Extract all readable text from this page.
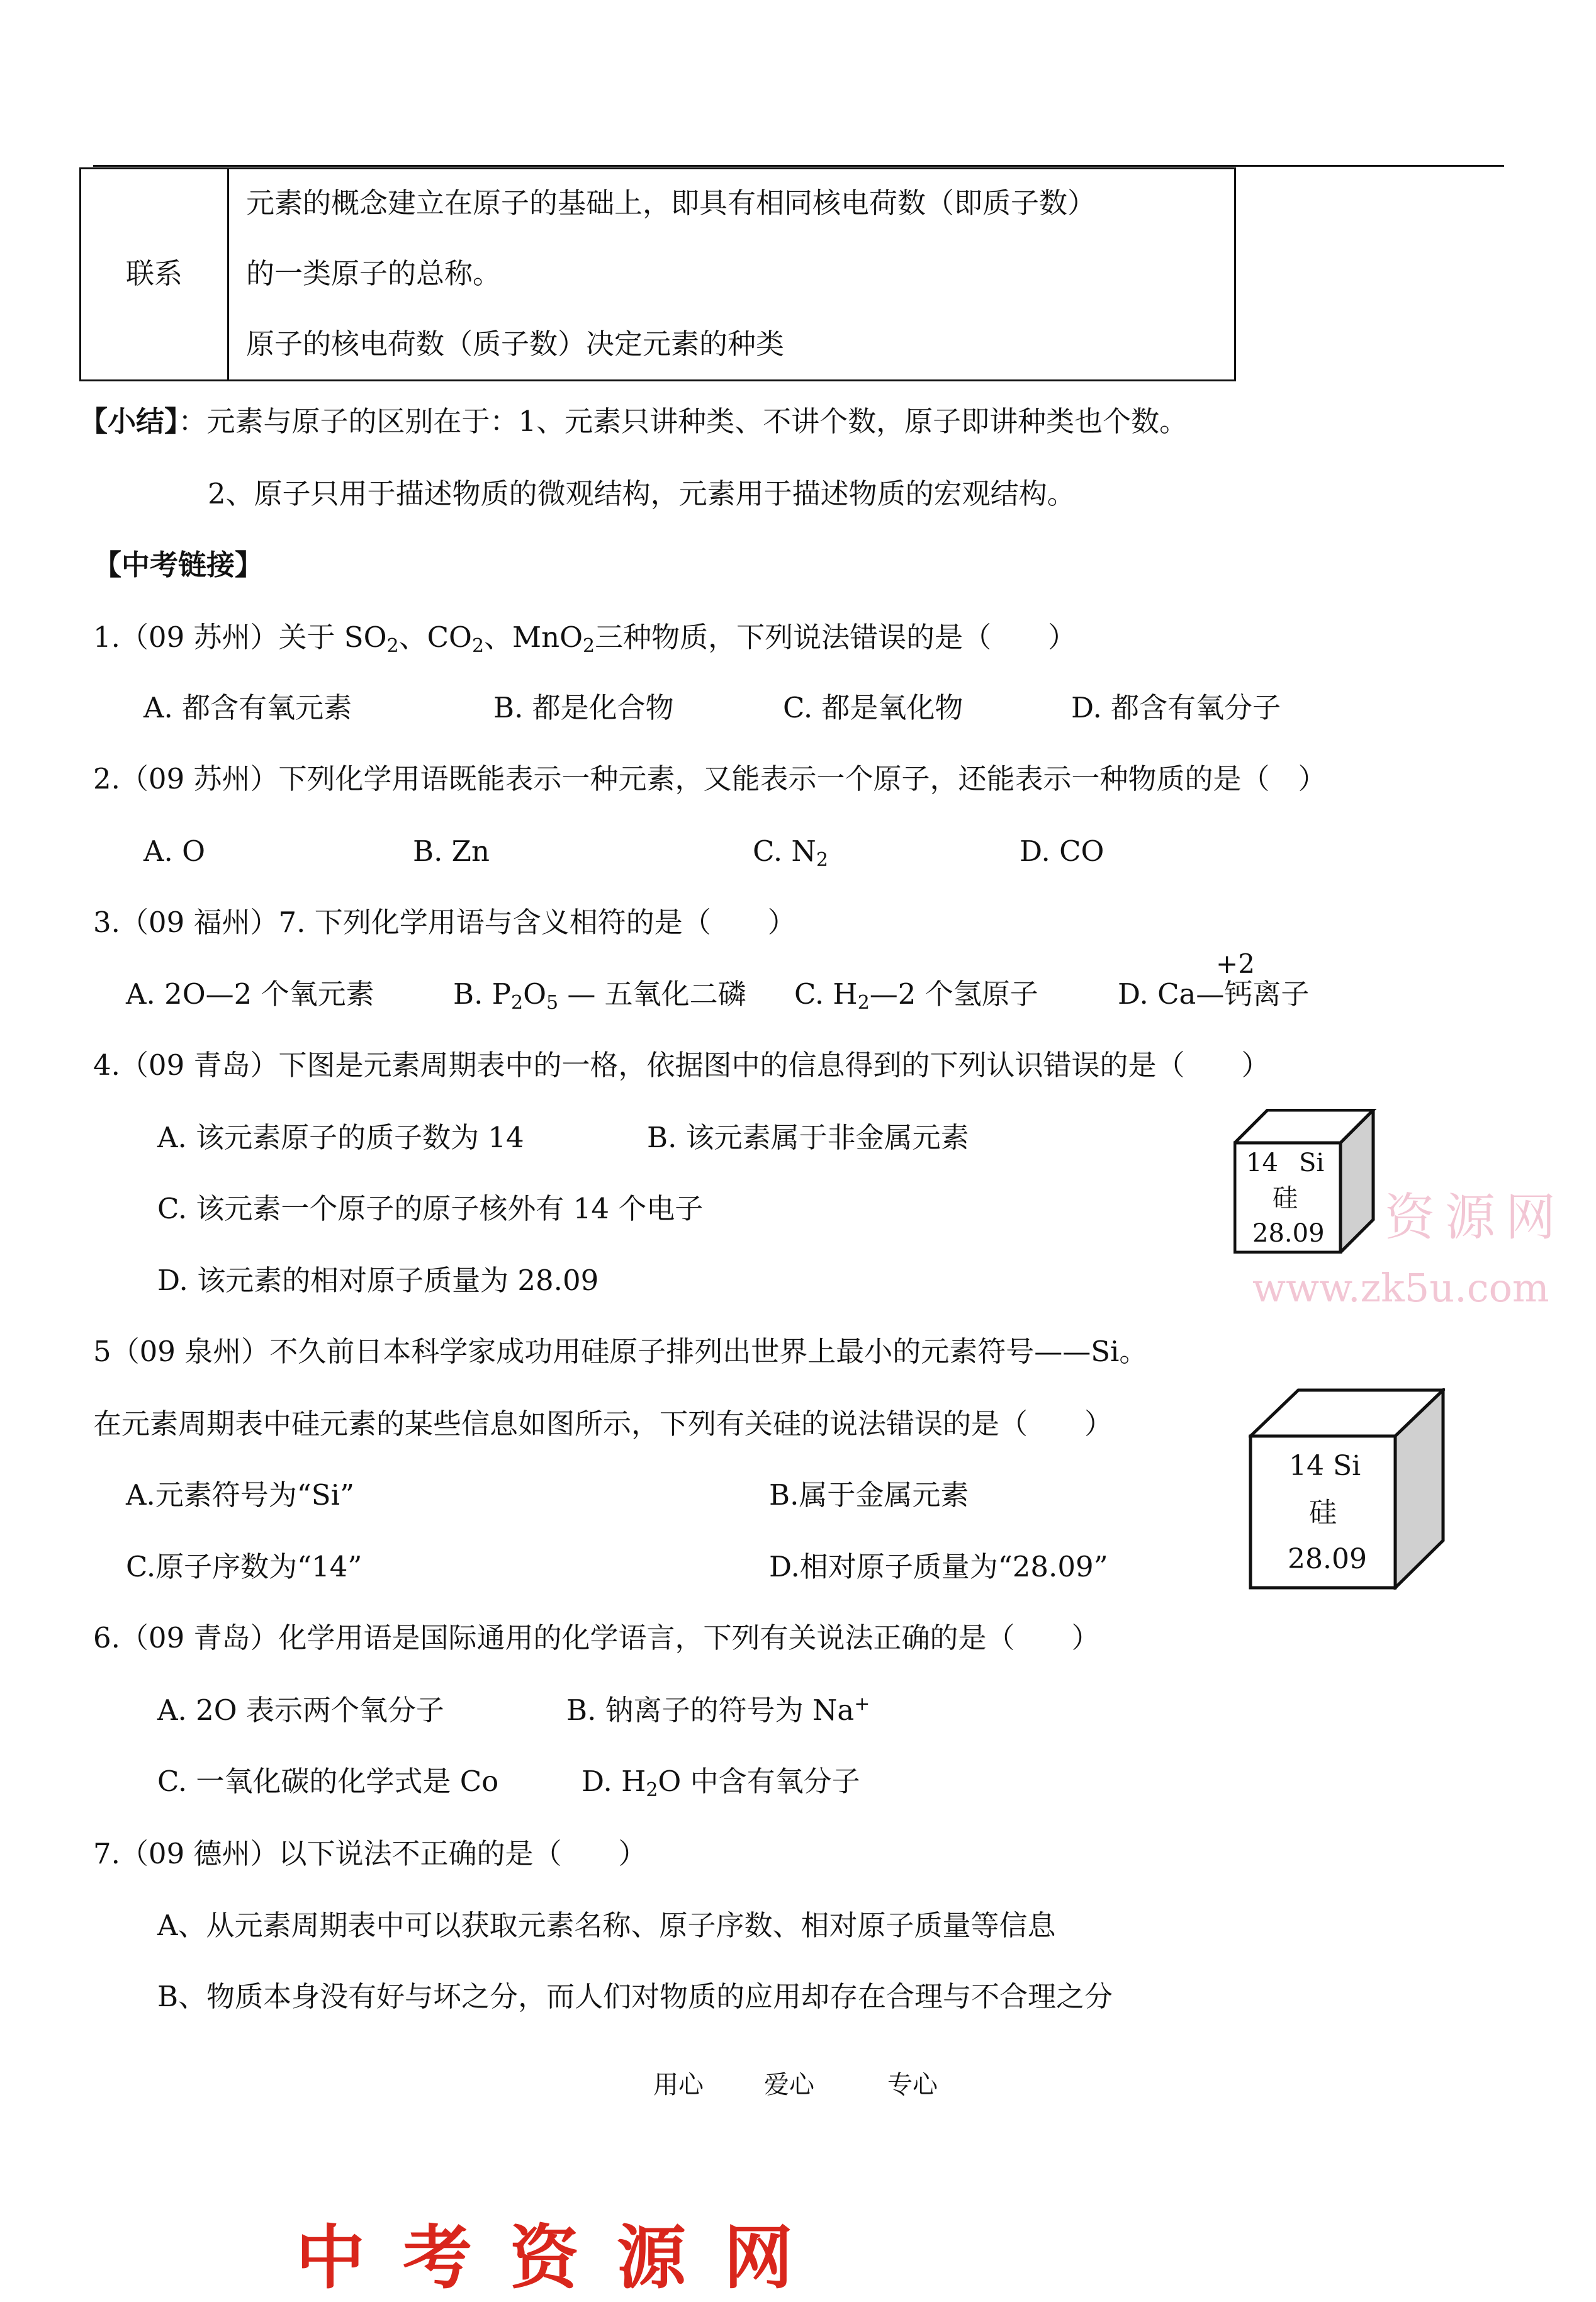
联系
元素的概念建立在原子的基础上，即具有相同核电荷数（即质子数）
的一类原子的总称。
原子的核电荷数（质子数）决定元素的种类
【小结】：元素与原子的区别在于：1、元素只讲种类、不讲个数，原子即讲种类也个数。
2、原子只用于描述物质的微观结构，元素用于描述物质的宏观结构。
【中考链接】
1.（09 苏州）关于 $SO_2$、$CO_2$、MnO$_2$三种物质，下列说法错误的是（　　）
A. 都含有氧元素	B. 都是化合物	C. 都是氧化物	D. 都含有氧分子
2.（09 苏州）下列化学用语既能表示一种元素，又能表示一个原子，还能表示一种物质的是（　）
A. O	B. Zn	C. $N_2$	D. CO
3.（09 福州）7. 下列化学用语与含义相符的是（　　）
A. 2O—2 个氧元素	B. $P_2O_5$ — 五氧化二磷 C. $H_2—2$ 个氢原子
+2
D. Ca—钙离子
4.（09 青岛）下图是元素周期表中的一格，依据图中的信息得到的下列认识错误的是（　　）
A. 该元素原子的质子数为 14	B. 该元素属于非金属元素
C. 该元素一个原子的原子核外有 14 个电子
D. 该元素的相对原子质量为 28.09
14 Si
硅
28.09 资源网
www.zk5u.com
5（09 泉州）不久前日本科学家成功用硅原子排列出世界上最小的元素符号——Si。
在元素周期表中硅元素的某些信息如图所示，下列有关硅的说法错误的是（　　）
A.元素符号为“Si”	B.属于金属元素
C.原子序数为“14”	D.相对原子质量为“28.09”
14 Si
硅
28.09
6.（09 青岛）化学用语是国际通用的化学语言，下列有关说法正确的是（　　）
A. 2O 表示两个氧分子	B. 钠离子的符号为 Na+
C. 一氧化碳的化学式是 Co	D. $H_2O$ 中含有氧分子
7.（09 德州）以下说法不正确的是（　　）
A、从元素周期表中可以获取元素名称、原子序数、相对原子质量等信息
B、物质本身没有好与坏之分，而人们对物质的应用却存在合理与不合理之分
用心 爱心	专心
中考资源网
